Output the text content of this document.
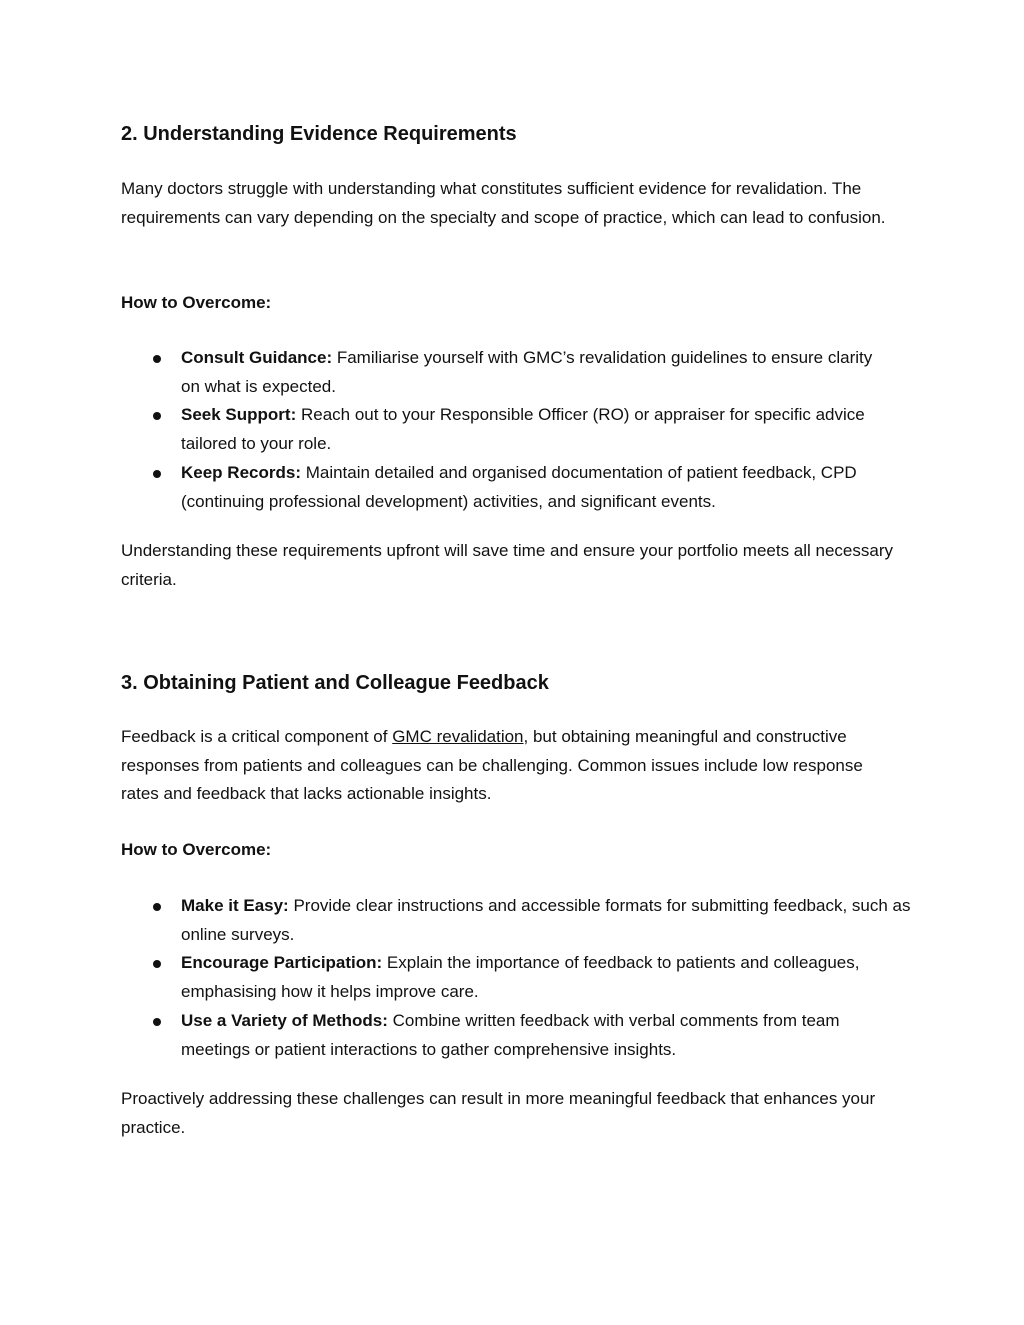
2. Understanding Evidence Requirements

Many doctors struggle with understanding what constitutes sufficient evidence for revalidation. The requirements can vary depending on the specialty and scope of practice, which can lead to confusion.

How to Overcome:
Consult Guidance: Familiarise yourself with GMC’s revalidation guidelines to ensure clarity on what is expected.
Seek Support: Reach out to your Responsible Officer (RO) or appraiser for specific advice tailored to your role.
Keep Records: Maintain detailed and organised documentation of patient feedback, CPD (continuing professional development) activities, and significant events.

Understanding these requirements upfront will save time and ensure your portfolio meets all necessary criteria.

3. Obtaining Patient and Colleague Feedback

Feedback is a critical component of GMC revalidation, but obtaining meaningful and constructive responses from patients and colleagues can be challenging. Common issues include low response rates and feedback that lacks actionable insights.

How to Overcome:
Make it Easy: Provide clear instructions and accessible formats for submitting feedback, such as online surveys.
Encourage Participation: Explain the importance of feedback to patients and colleagues, emphasising how it helps improve care.
Use a Variety of Methods: Combine written feedback with verbal comments from team meetings or patient interactions to gather comprehensive insights.

Proactively addressing these challenges can result in more meaningful feedback that enhances your practice.
